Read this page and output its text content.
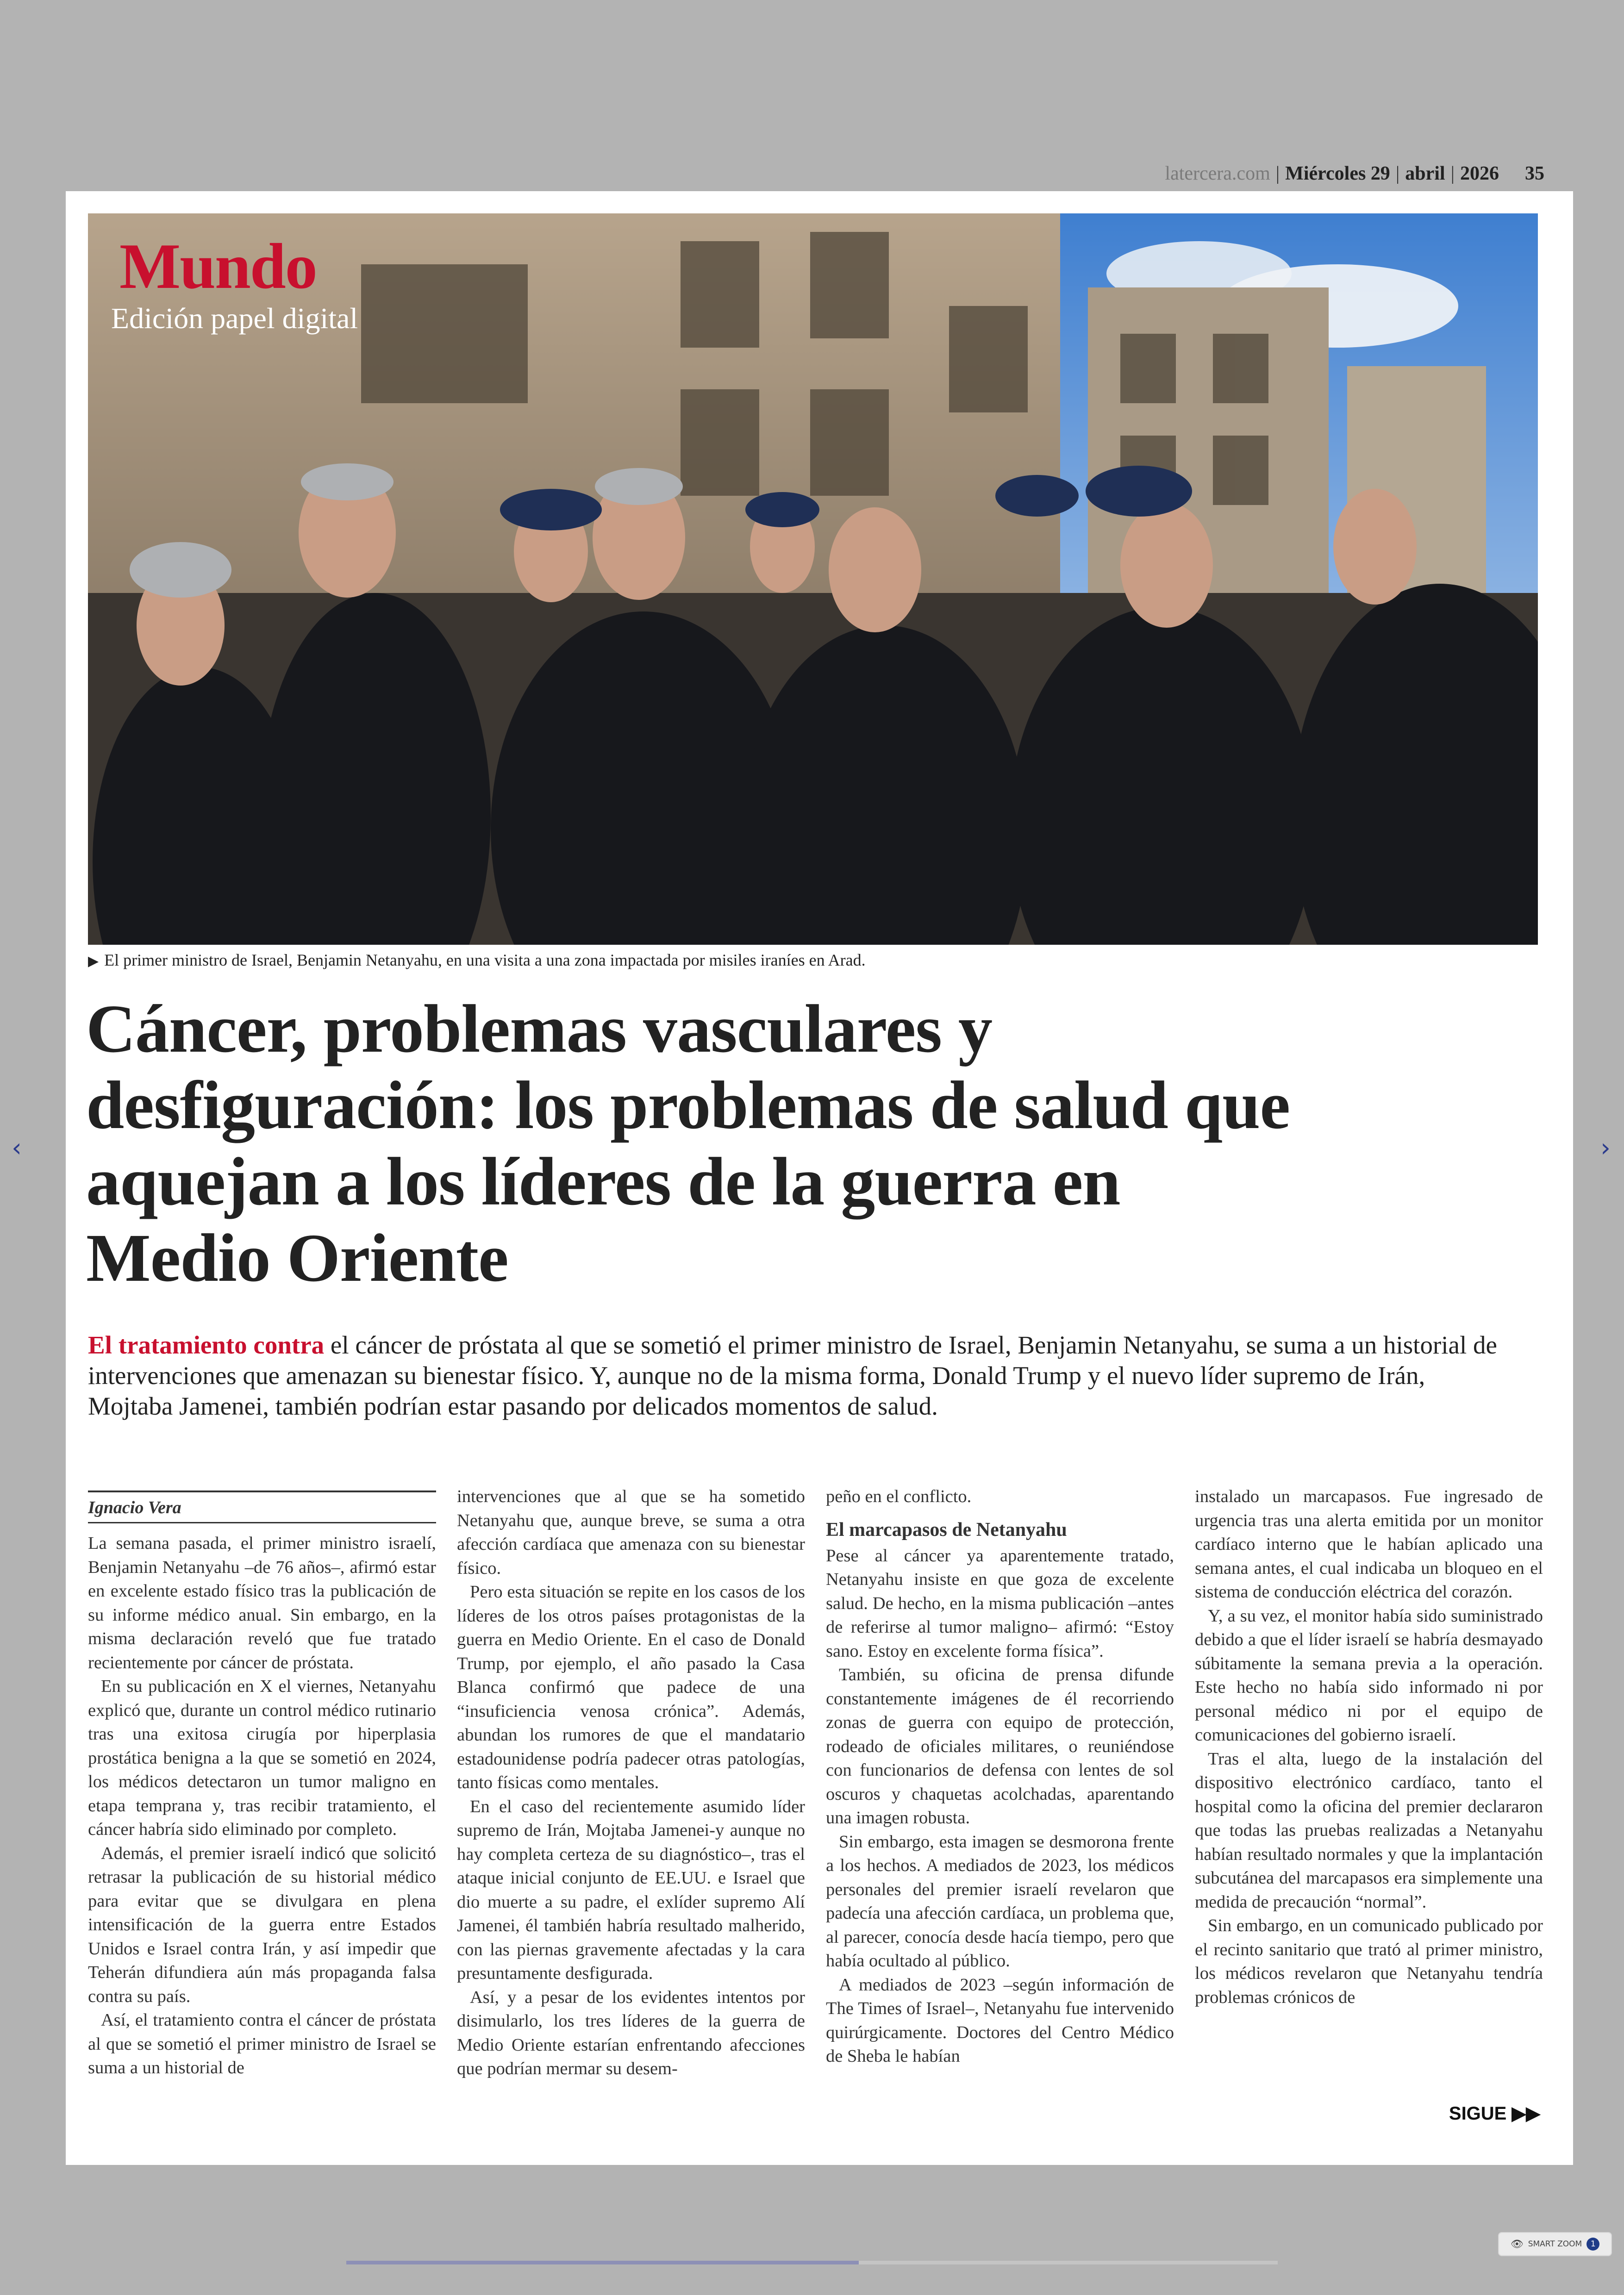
latercera.com | Miércoles 29 | abril | 2026 35
Mundo
Edición papel digital
▶ El primer ministro de Israel, Benjamin Netanyahu, en una visita a una zona impactada por misiles iraníes en Arad.
Cáncer, problemas vasculares y desfiguración: los problemas de salud que aquejan a los líderes de la guerra en Medio Oriente
El tratamiento contra el cáncer de próstata al que se sometió el primer ministro de Israel, Benjamin Netanyahu, se suma a un historial de intervenciones que amenazan su bienestar físico. Y, aunque no de la misma forma, Donald Trump y el nuevo líder supremo de Irán, Mojtaba Jamenei, también podrían estar pasando por delicados momentos de salud.
Ignacio Vera

La semana pasada, el primer ministro israelí, Benjamin Netanyahu –de 76 años–, afirmó estar en excelente estado físico tras la publicación de su informe médico anual. Sin embargo, en la misma declaración reveló que fue tratado recientemente por cáncer de próstata.

En su publicación en X el viernes, Netanyahu explicó que, durante un control médico rutinario tras una exitosa cirugía por hiperplasia prostática benigna a la que se sometió en 2024, los médicos detectaron un tumor maligno en etapa temprana y, tras recibir tratamiento, el cáncer habría sido eliminado por completo.

Además, el premier israelí indicó que solicitó retrasar la publicación de su historial médico para evitar que se divulgara en plena intensificación de la guerra entre Estados Unidos e Israel contra Irán, y así impedir que Teherán difundiera aún más propaganda falsa contra su país.

Así, el tratamiento contra el cáncer de próstata al que se sometió el primer ministro de Israel se suma a un historial de

intervenciones que al que se ha sometido Netanyahu que, aunque breve, se suma a otra afección cardíaca que amenaza con su bienestar físico.

Pero esta situación se repite en los casos de los líderes de los otros países protagonistas de la guerra en Medio Oriente. En el caso de Donald Trump, por ejemplo, el año pasado la Casa Blanca confirmó que padece de una “insuficiencia venosa crónica”. Además, abundan los rumores de que el mandatario estadounidense podría padecer otras patologías, tanto físicas como mentales.

En el caso del recientemente asumido líder supremo de Irán, Mojtaba Jamenei-y aunque no hay completa certeza de su diagnóstico–, tras el ataque inicial conjunto de EE.UU. e Israel que dio muerte a su padre, el exlíder supremo Alí Jamenei, él también habría resultado malherido, con las piernas gravemente afectadas y la cara presuntamente desfigurada.

Así, y a pesar de los evidentes intentos por disimularlo, los tres líderes de la guerra de Medio Oriente estarían enfrentando afecciones que podrían mermar su desem-

peño en el conflicto.

El marcapasos de Netanyahu

Pese al cáncer ya aparentemente tratado, Netanyahu insiste en que goza de excelente salud. De hecho, en la misma publicación –antes de referirse al tumor maligno– afirmó: “Estoy sano. Estoy en excelente forma física”.

También, su oficina de prensa difunde constantemente imágenes de él recorriendo zonas de guerra con equipo de protección, rodeado de oficiales militares, o reuniéndose con funcionarios de defensa con lentes de sol oscuros y chaquetas acolchadas, aparentando una imagen robusta.

Sin embargo, esta imagen se desmorona frente a los hechos. A mediados de 2023, los médicos personales del premier israelí revelaron que padecía una afección cardíaca, un problema que, al parecer, conocía desde hacía tiempo, pero que había ocultado al público.

A mediados de 2023 –según información de The Times of Israel–, Netanyahu fue intervenido quirúrgicamente. Doctores del Centro Médico de Sheba le habían

instalado un marcapasos. Fue ingresado de urgencia tras una alerta emitida por un monitor cardíaco interno que le habían aplicado una semana antes, el cual indicaba un bloqueo en el sistema de conducción eléctrica del corazón.

Y, a su vez, el monitor había sido suministrado debido a que el líder israelí se habría desmayado súbitamente la semana previa a la operación. Este hecho no había sido informado ni por personal médico ni por el equipo de comunicaciones del gobierno israelí.

Tras el alta, luego de la instalación del dispositivo electrónico cardíaco, tanto el hospital como la oficina del premier declararon que todas las pruebas realizadas a Netanyahu habían resultado normales y que la implantación subcutánea del marcapasos era simplemente una medida de precaución “normal”.

Sin embargo, en un comunicado publicado por el recinto sanitario que trató al primer ministro, los médicos revelaron que Netanyahu tendría problemas crónicos de

SIGUE ▶▶
‹	›
👁 SMART ZOOM	1
